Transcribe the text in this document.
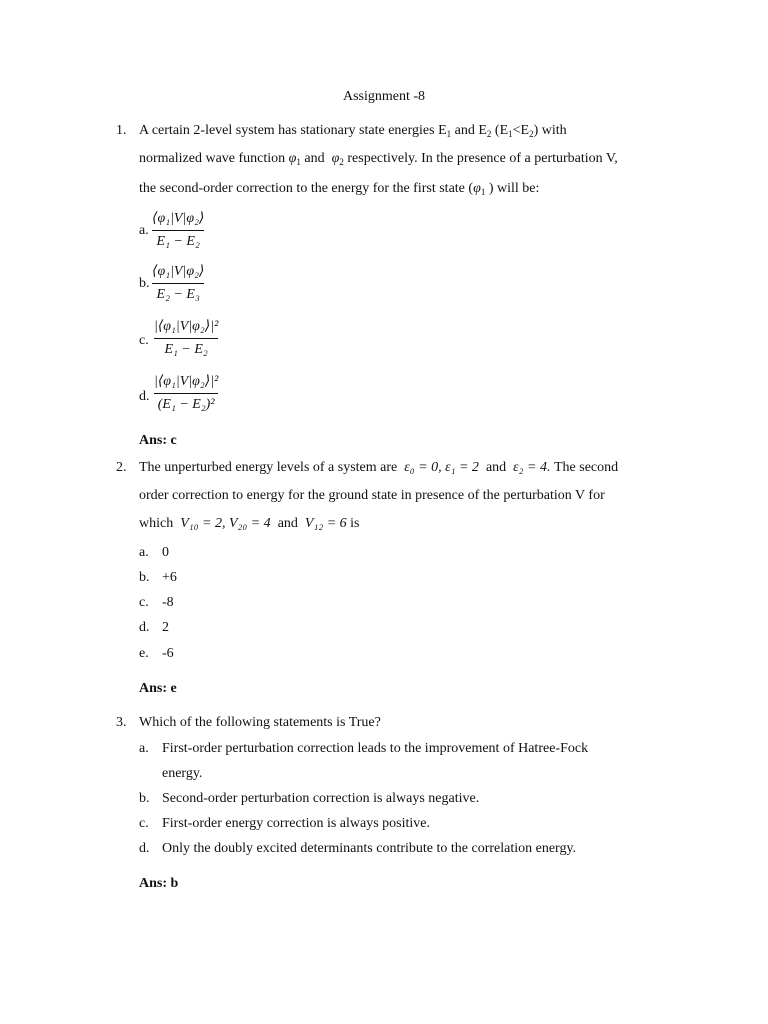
Assignment -8
1. A certain 2-level system has stationary state energies $E_1$ and $E_2$ $(E_1<E_2)$ with
normalized wave function $\varphi_1$ and  $\varphi_2$ respectively. In the presence of a perturbation V,
the second-order correction to the energy for the first state ($\varphi_1$ ) will be:
a.
⟨φ₁|V|φ₂⟩
E₁ − E₂
b.
⟨φ₁|V|φ₂⟩
E₂ − E₃
c.
|⟨φ₁|V|φ₂⟩|²
E₁ − E₂
d.
|⟨φ₁|V|φ₂⟩|²
(E₁ − E₂)²
Ans: c
2. The unperturbed energy levels of a system are ε₀ = 0, ε₁ = 2 and ε₂ = 4. The second
order correction to energy for the ground state in presence of the perturbation V for
which V₁₀ = 2, V₂₀ = 4 and V₁₂ = 6 is
a. 0
b. +6
c. -8
d. 2
e. -6
Ans: e
3. Which of the following statements is True?
a. First-order perturbation correction leads to the improvement of Hatree-Fock
energy.
b. Second-order perturbation correction is always negative.
c. First-order energy correction is always positive.
d. Only the doubly excited determinants contribute to the correlation energy.
Ans: b
